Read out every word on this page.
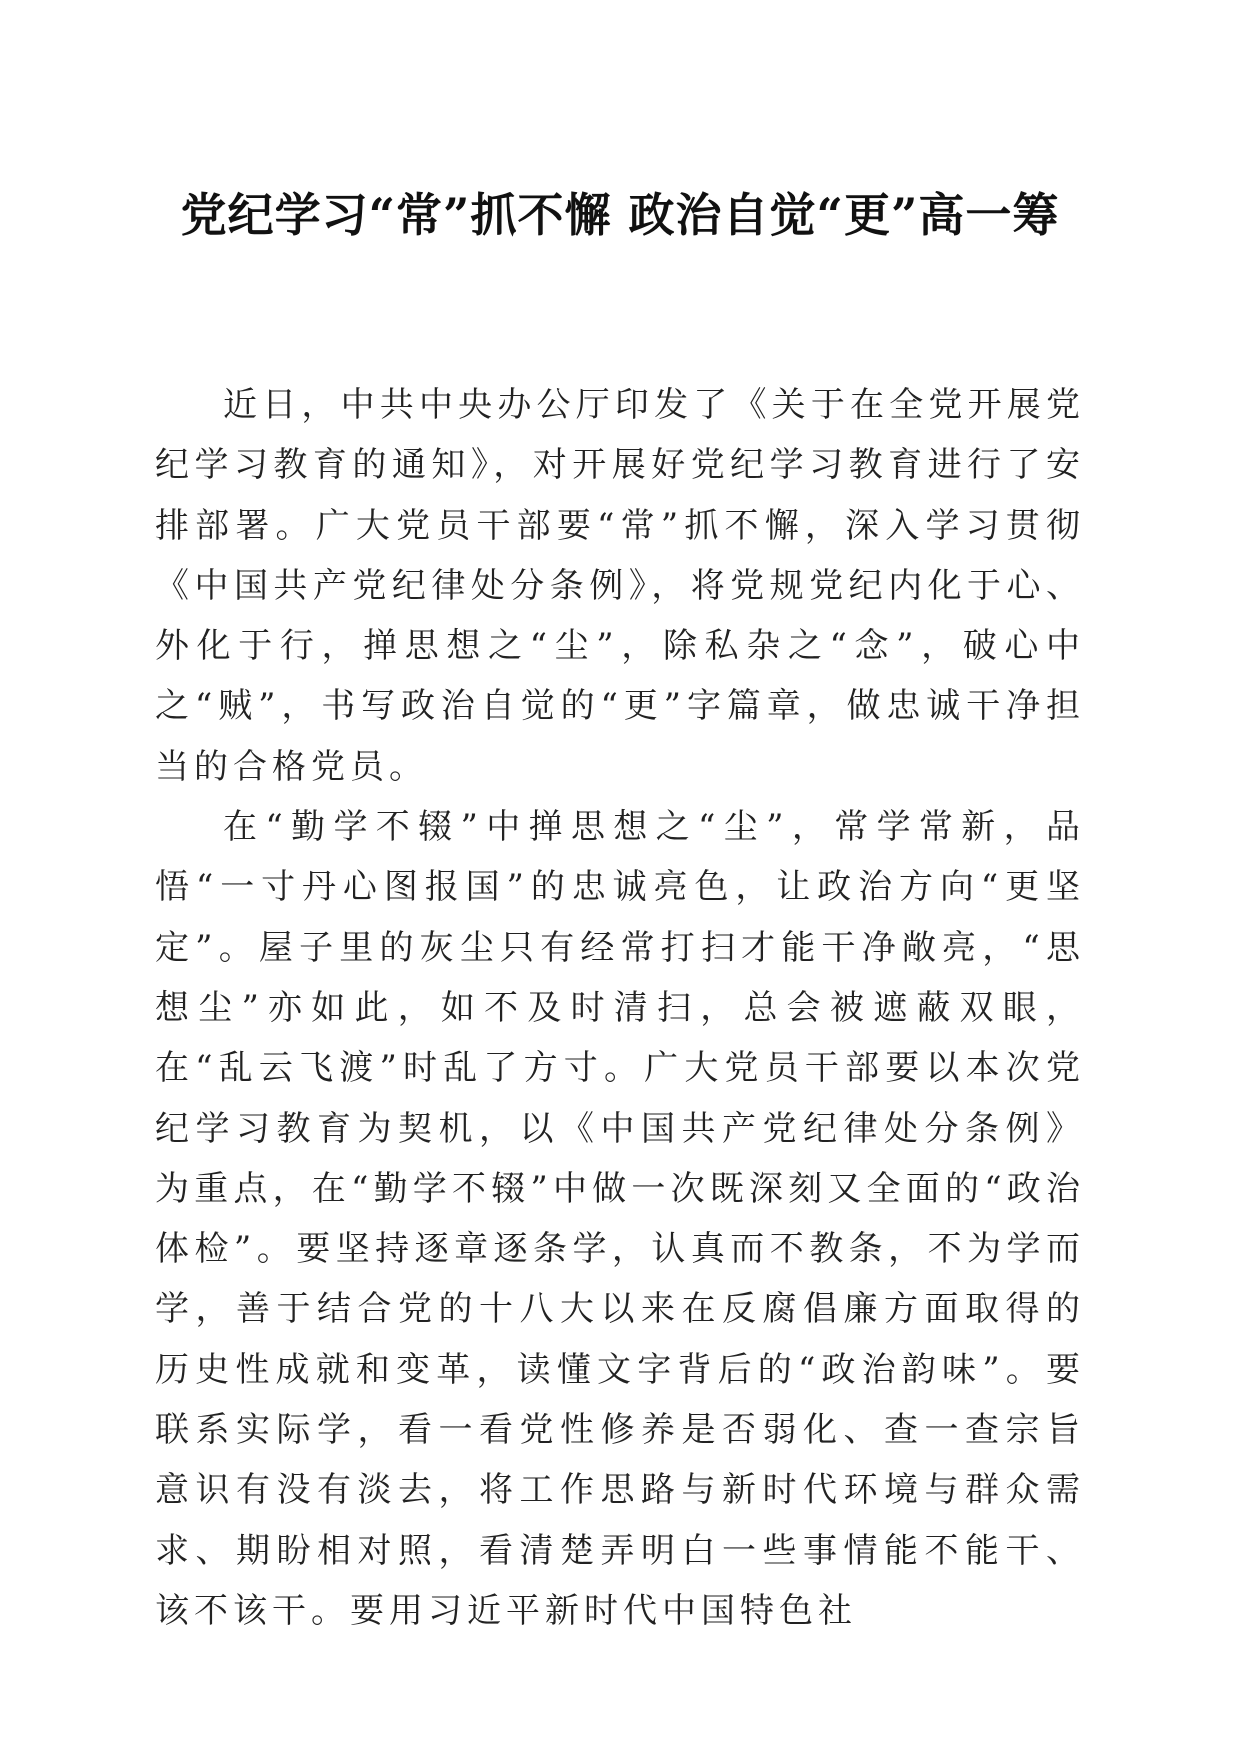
党纪学习“常”抓不懈 政治自觉“更”高一筹

近日，中共中央办公厅印发了《关于在全党开展党纪学习教育的通知》，对开展好党纪学习教育进行了安排部署。广大党员干部要“常”抓不懈，深入学习贯彻《中国共产党纪律处分条例》，将党规党纪内化于心、外化于行，掸思想之“尘”，除私杂之“念”，破心中之“贼”，书写政治自觉的“更”字篇章，做忠诚干净担当的合格党员。

在“勤学不辍”中掸思想之“尘”，常学常新，品悟“一寸丹心图报国”的忠诚亮色，让政治方向“更坚定”。屋子里的灰尘只有经常打扫才能干净敞亮，“思想尘”亦如此，如不及时清扫，总会被遮蔽双眼，在“乱云飞渡”时乱了方寸。广大党员干部要以本次党纪学习教育为契机，以《中国共产党纪律处分条例》为重点，在“勤学不辍”中做一次既深刻又全面的“政治体检”。要坚持逐章逐条学，认真而不教条，不为学而学，善于结合党的十八大以来在反腐倡廉方面取得的历史性成就和变革，读懂文字背后的“政治韵味”。要联系实际学，看一看党性修养是否弱化、查一查宗旨意识有没有淡去，将工作思路与新时代环境与群众需求、期盼相对照，看清楚弄明白一些事情能不能干、该不该干。要用习近平新时代中国特色社
